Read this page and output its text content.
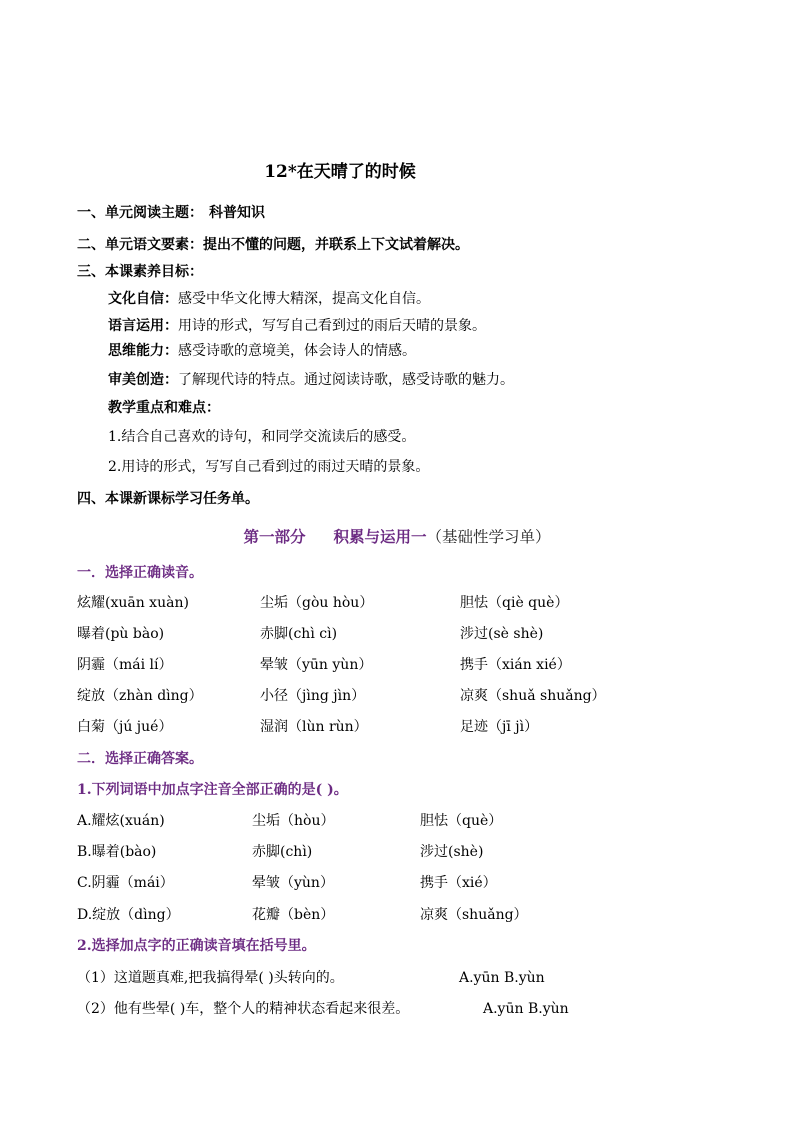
12*在天晴了的时候
一、单元阅读主题： 科普知识
二、单元语文要素：提出不懂的问题，并联系上下文试着解决。
三、本课素养目标：
文化自信：感受中华文化博大精深，提高文化自信。
语言运用：用诗的形式，写写自己看到过的雨后天晴的景象。
思维能力：感受诗歌的意境美，体会诗人的情感。
审美创造：了解现代诗的特点。通过阅读诗歌，感受诗歌的魅力。
教学重点和难点：
1.结合自己喜欢的诗句，和同学交流读后的感受。
2.用诗的形式，写写自己看到过的雨过天晴的景象。
四、本课新课标学习任务单。
第一部分 积累与运用一（基础性学习单）
一．选择正确读音。
炫耀(xuān xuàn)	尘垢（gòu hòu）	胆怯（qiè què）
曝着(pù bào)	赤脚(chì cì)	涉过(sè shè)
阴霾（mái lí）	晕皱（yūn yùn）	携手（xián xié）
绽放（zhàn dìng）	小径（jìng jìn）	凉爽（shuǎ shuǎng）
白菊（jú jué）	湿润（lùn rùn）	足迹（jī jì）
二．选择正确答案。
1.下列词语中加点字注音全部正确的是( )。
A.耀炫(xuán)	尘垢（hòu）	胆怯（què）
B.曝着(bào)	赤脚(chì)	涉过(shè)
C.阴霾（mái）	晕皱（yùn）	携手（xié）
D.绽放（dìng）	花瓣（bèn）	凉爽（shuǎng）
2.选择加点字的正确读音填在括号里。
（1）这道题真难,把我搞得晕( )头转向的。	A.yūn B.yùn
（2）他有些晕( )车，整个人的精神状态看起来很差。	A.yūn B.yùn
